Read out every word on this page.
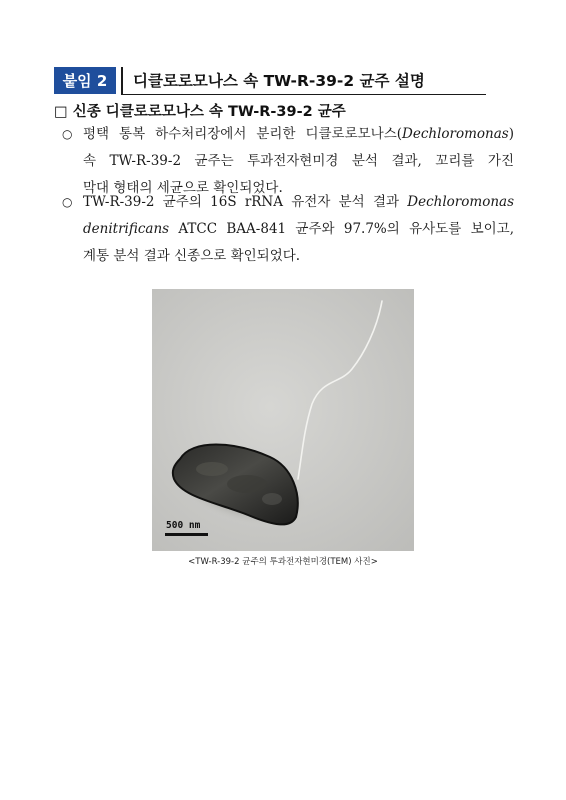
붙임 2	디클로로모나스 속 TW-R-39-2 균주 설명
□ 신종 디클로로모나스 속 TW-R-39-2 균주
○ 평택 통복 하수처리장에서 분리한 디클로로모나스(Dechloromonas)
속 TW-R-39-2 균주는 투과전자현미경 분석 결과, 꼬리를 가진
막대 형태의 세균으로 확인되었다.
○ TW-R-39-2 균주의 16S rRNA 유전자 분석 결과 Dechloromonas
denitrificans ATCC BAA-841 균주와 97.7%의 유사도를 보이고,
계통 분석 결과 신종으로 확인되었다.
500 nm
<TW-R-39-2 균주의 투과전자현미경(TEM) 사진>
